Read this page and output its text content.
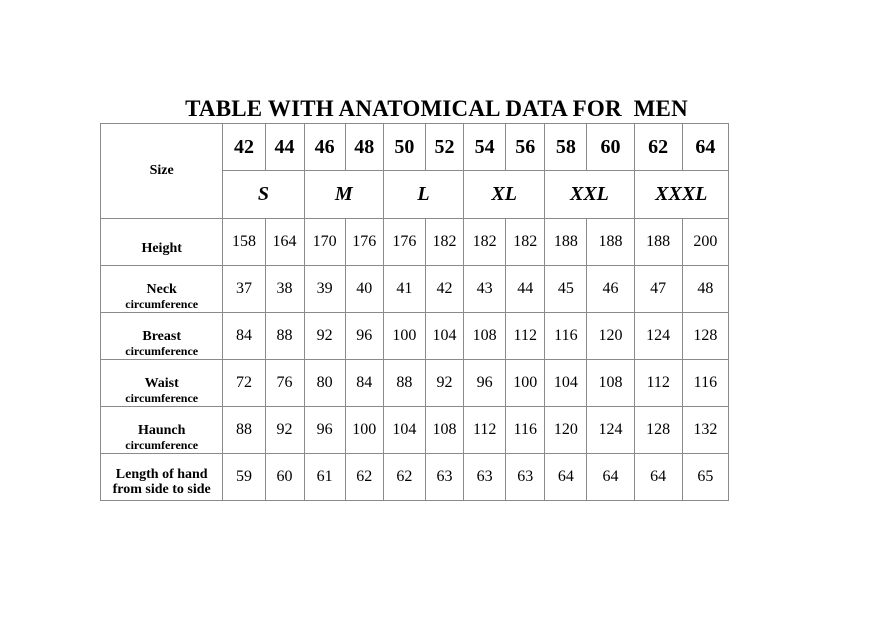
TABLE WITH ANATOMICAL DATA FOR  MEN
Size	42	44	46	48	50	52	54	56	58	60	62	64
	S		M		L		XL		XXL		XXXL	

Height	158	164	170	176	176	182	182	182	188	188	188	200

Neck
circumference	37	38	39	40	41	42	43	44	45	46	47	48

Breast
circumference	84	88	92	96	100	104	108	112	116	120	124	128

Waist
circumference	72	76	80	84	88	92	96	100	104	108	112	116

Haunch
circumference	88	92	96	100	104	108	112	116	120	124	128	132

Length of hand
from side to side	59	60	61	62	62	63	63	63	64	64	64	65
